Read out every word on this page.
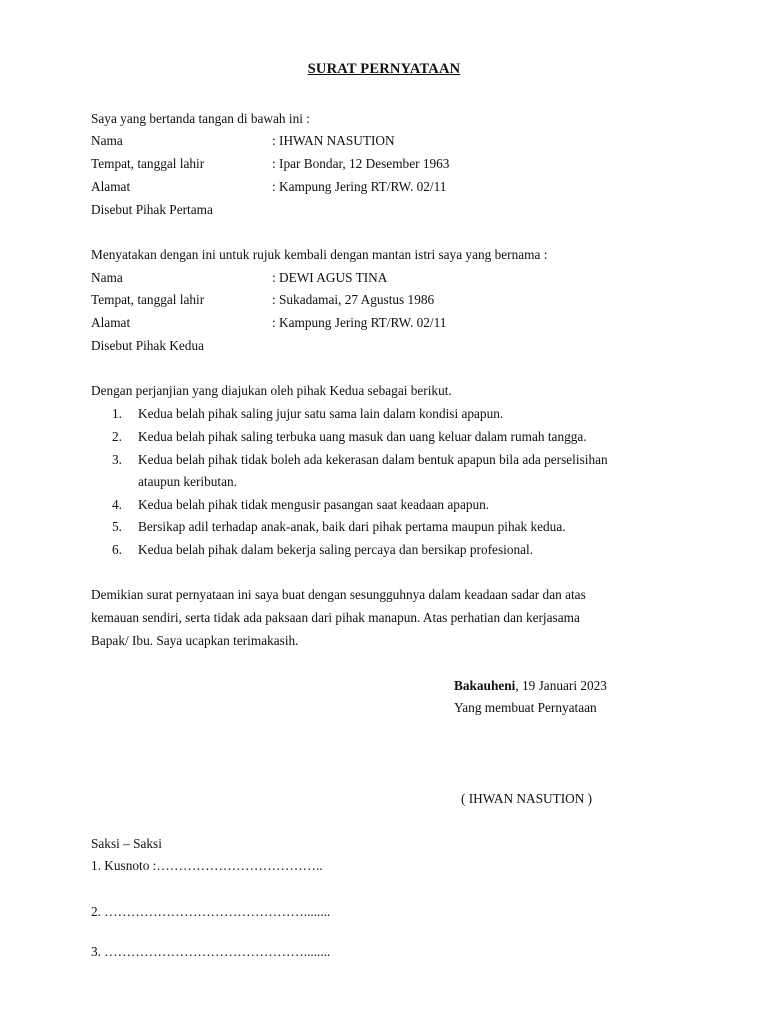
SURAT PERNYATAAN
Saya yang bertanda tangan di bawah ini :
Nama	: IHWAN NASUTION
Tempat, tanggal lahir	: Ipar Bondar, 12 Desember 1963
Alamat	: Kampung Jering RT/RW. 02/11
Disebut Pihak Pertama
Menyatakan dengan ini untuk rujuk kembali dengan mantan istri saya yang bernama :
Nama	: DEWI AGUS TINA
Tempat, tanggal lahir	: Sukadamai, 27 Agustus 1986
Alamat	: Kampung Jering RT/RW. 02/11
Disebut Pihak Kedua
Dengan perjanjian yang diajukan oleh pihak Kedua sebagai berikut.
1. Kedua belah pihak saling jujur satu sama lain dalam kondisi apapun.
2. Kedua belah pihak saling terbuka uang masuk dan uang keluar dalam rumah tangga.
3. Kedua belah pihak tidak boleh ada kekerasan dalam bentuk apapun bila ada perselisihan
ataupun keributan.
4. Kedua belah pihak tidak mengusir pasangan saat keadaan apapun.
5. Bersikap adil terhadap anak-anak, baik dari pihak pertama maupun pihak kedua.
6. Kedua belah pihak dalam bekerja saling percaya dan bersikap profesional.
Demikian surat pernyataan ini saya buat dengan sesungguhnya dalam keadaan sadar dan atas
kemauan sendiri, serta tidak ada paksaan dari pihak manapun. Atas perhatian dan kerjasama
Bapak/ Ibu. Saya ucapkan terimakasih.
Bakauheni, 19 Januari 2023
Yang membuat Pernyataan
( IHWAN NASUTION )
Saksi – Saksi
1. Kusnoto :………………………………..
2. ………………………………………........
3. ………………………………………........
